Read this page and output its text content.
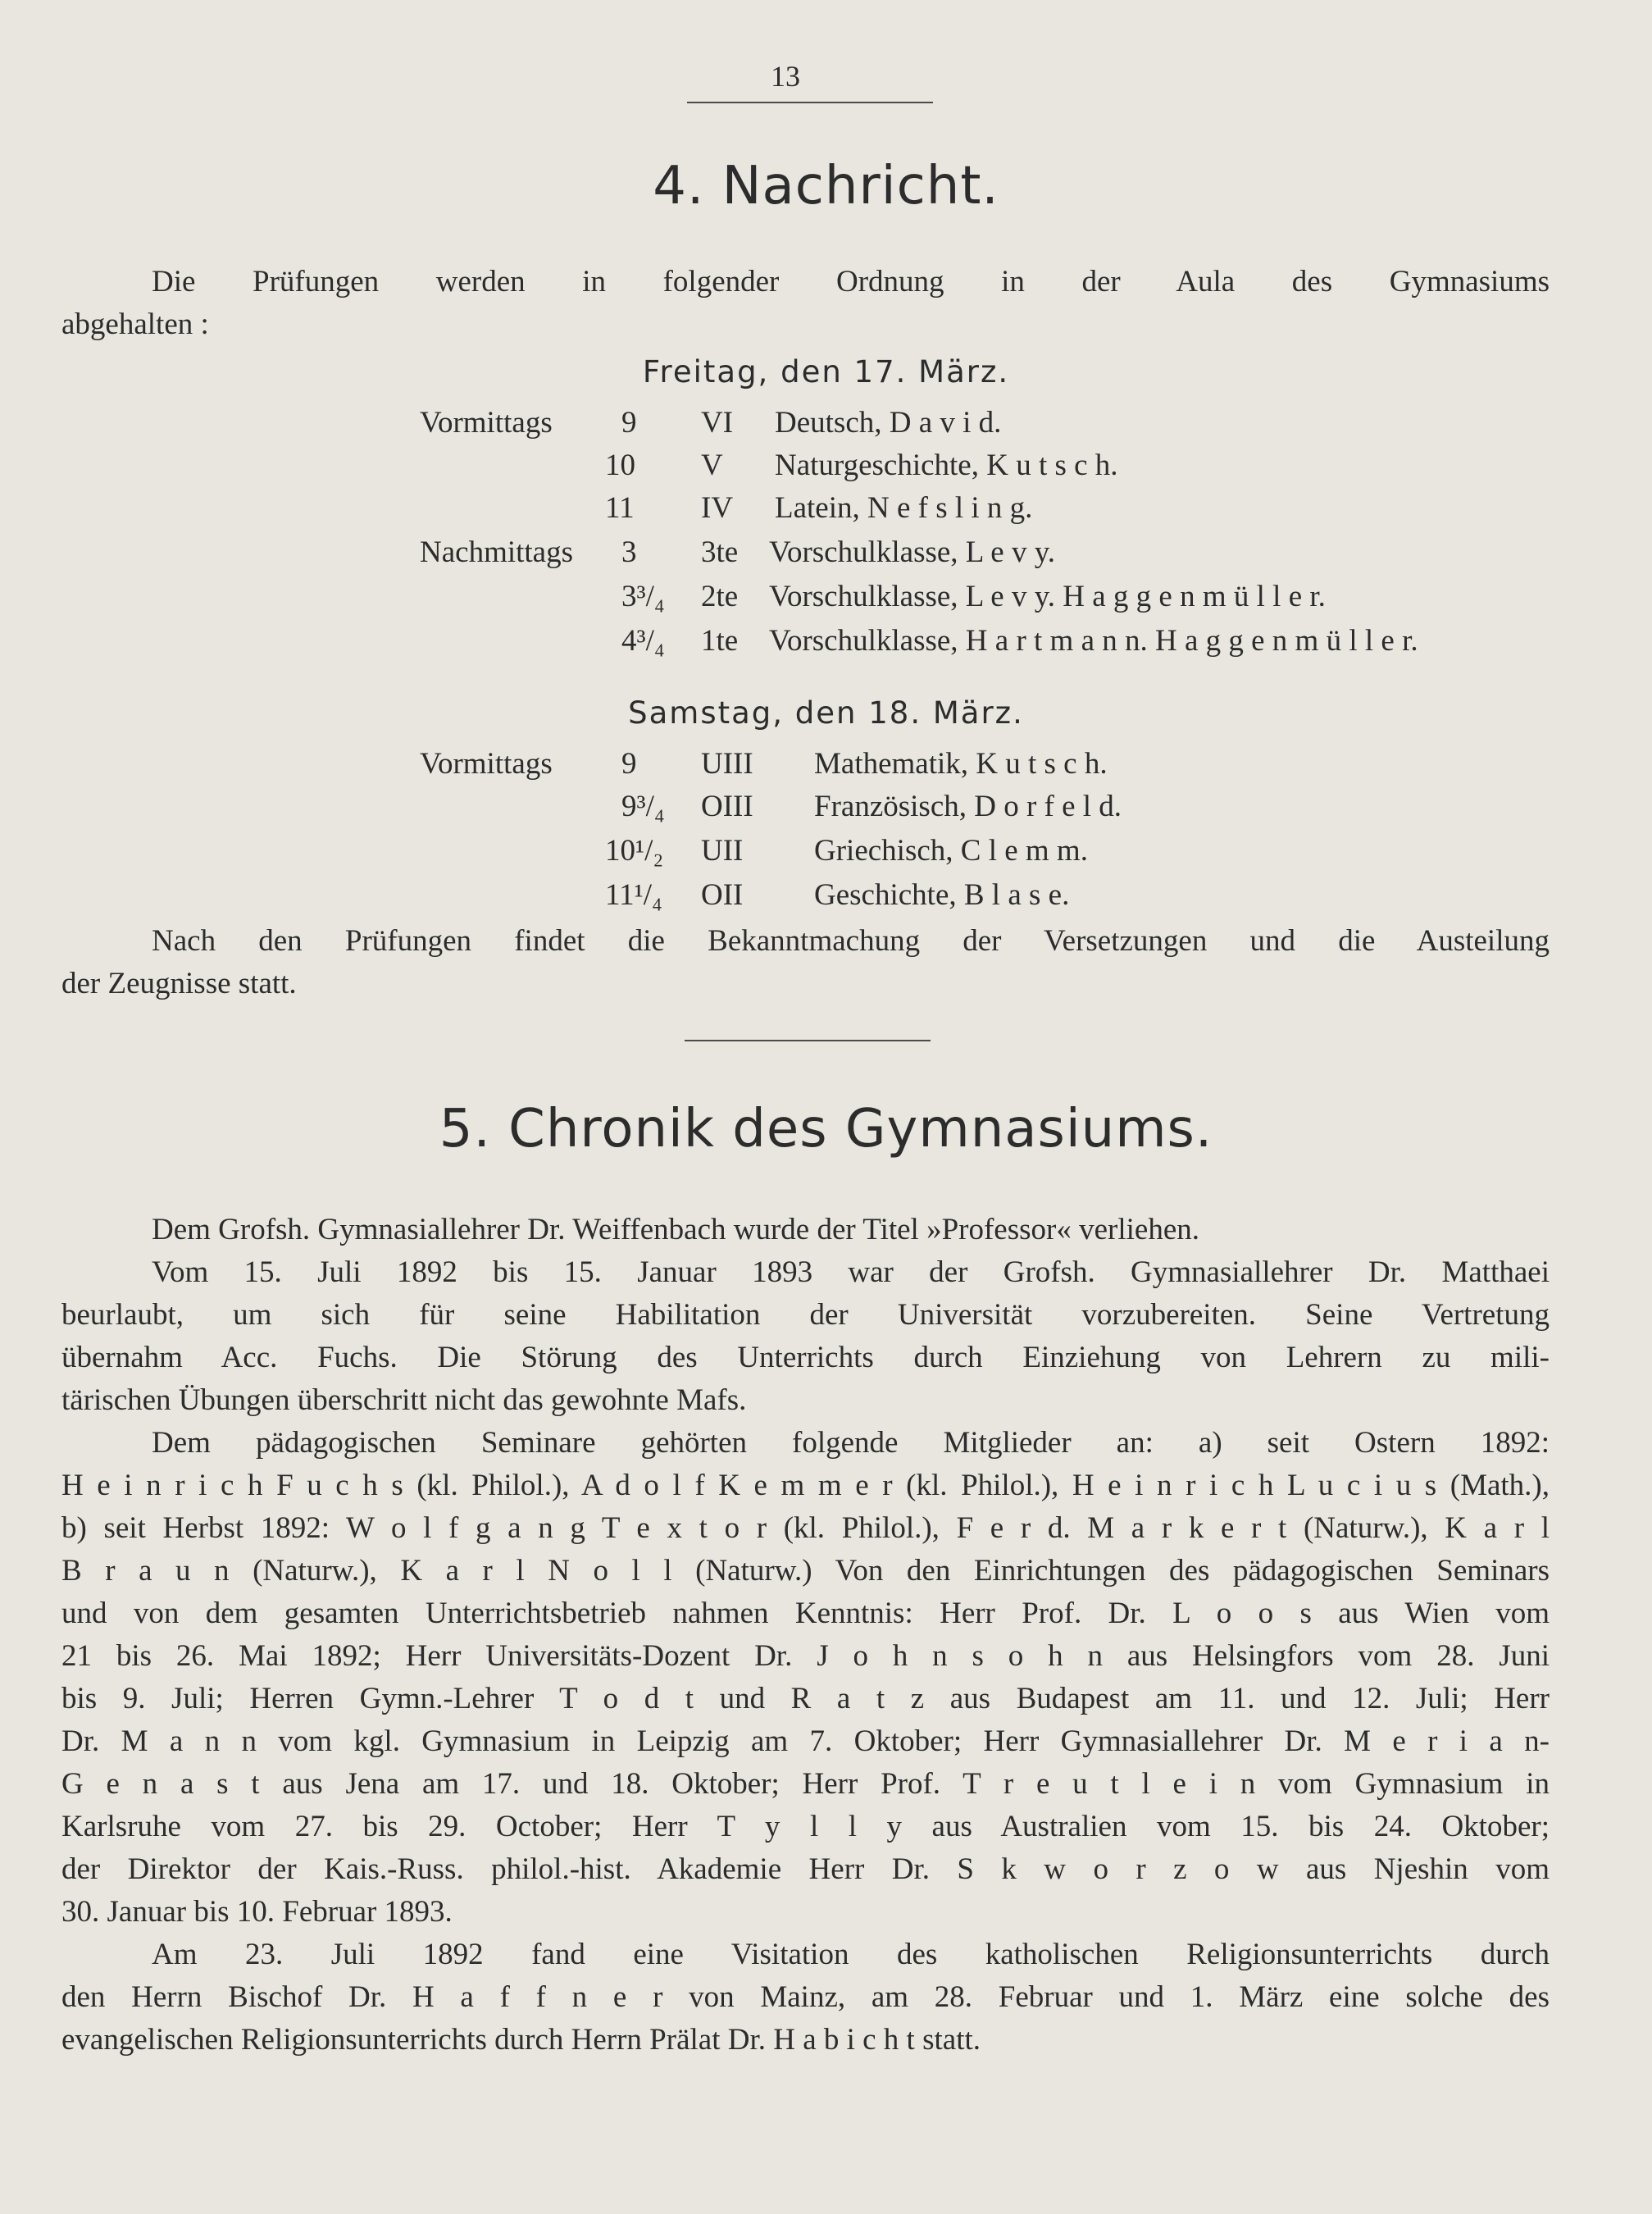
13
4. Nachricht.

Die Prüfungen werden in folgender Ordnung in der Aula des Gymnasiums

abgehalten :

Freitag, den 17. März.
Vormittags 9 VI Deutsch, D a v i d.
10 V Naturgeschichte, K u t s c h.
11 IV Latein, N e f s l i n g.
Nachmittags 3 3te Vorschulklasse, L e v y.
3³/₄ 2te Vorschulklasse, L e v y. H a g g e n m ü l l e r.
4³/₄ 1te Vorschulklasse, H a r t m a n n. H a g g e n m ü l l e r.
Samstag, den 18. März.
Vormittags 9 UIII Mathematik, K u t s c h.
9³/₄ OIII Französisch, D o r f e l d.
10¹/₂ UII Griechisch, C l e m m.
11¹/₄ OII Geschichte, B l a s e.

Nach den Prüfungen findet die Bekanntmachung der Versetzungen und die Austeilung

der Zeugnisse statt.

5. Chronik des Gymnasiums.

Dem Grofsh. Gymnasiallehrer Dr. Weiffenbach wurde der Titel »Professor« verliehen.

Vom 15. Juli 1892 bis 15. Januar 1893 war der Grofsh. Gymnasiallehrer Dr. Matthaei

beurlaubt, um sich für seine Habilitation der Universität vorzubereiten. Seine Vertretung

übernahm Acc. Fuchs. Die Störung des Unterrichts durch Einziehung von Lehrern zu mili-

tärischen Übungen überschritt nicht das gewohnte Mafs.

Dem pädagogischen Seminare gehörten folgende Mitglieder an: a) seit Ostern 1892:

H e i n r i c h F u c h s (kl. Philol.), A d o l f K e m m e r (kl. Philol.), H e i n r i c h L u c i u s (Math.),

b) seit Herbst 1892: W o l f g a n g T e x t o r (kl. Philol.), F e r d. M a r k e r t (Naturw.), K a r l

B r a u n (Naturw.), K a r l N o l l (Naturw.) Von den Einrichtungen des pädagogischen Seminars

und von dem gesamten Unterrichtsbetrieb nahmen Kenntnis: Herr Prof. Dr. L o o s aus Wien vom

21 bis 26. Mai 1892; Herr Universitäts-Dozent Dr. J o h n s o h n aus Helsingfors vom 28. Juni

bis 9. Juli; Herren Gymn.-Lehrer T o d t und R a t z aus Budapest am 11. und 12. Juli; Herr

Dr. M a n n vom kgl. Gymnasium in Leipzig am 7. Oktober; Herr Gymnasiallehrer Dr. M e r i a n-

G e n a s t aus Jena am 17. und 18. Oktober; Herr Prof. T r e u t l e i n vom Gymnasium in

Karlsruhe vom 27. bis 29. October; Herr T y l l y aus Australien vom 15. bis 24. Oktober;

der Direktor der Kais.-Russ. philol.-hist. Akademie Herr Dr. S k w o r z o w aus Njeshin vom

30. Januar bis 10. Februar 1893.

Am 23. Juli 1892 fand eine Visitation des katholischen Religionsunterrichts durch

den Herrn Bischof Dr. H a f f n e r von Mainz, am 28. Februar und 1. März eine solche des

evangelischen Religionsunterrichts durch Herrn Prälat Dr. H a b i c h t statt.
